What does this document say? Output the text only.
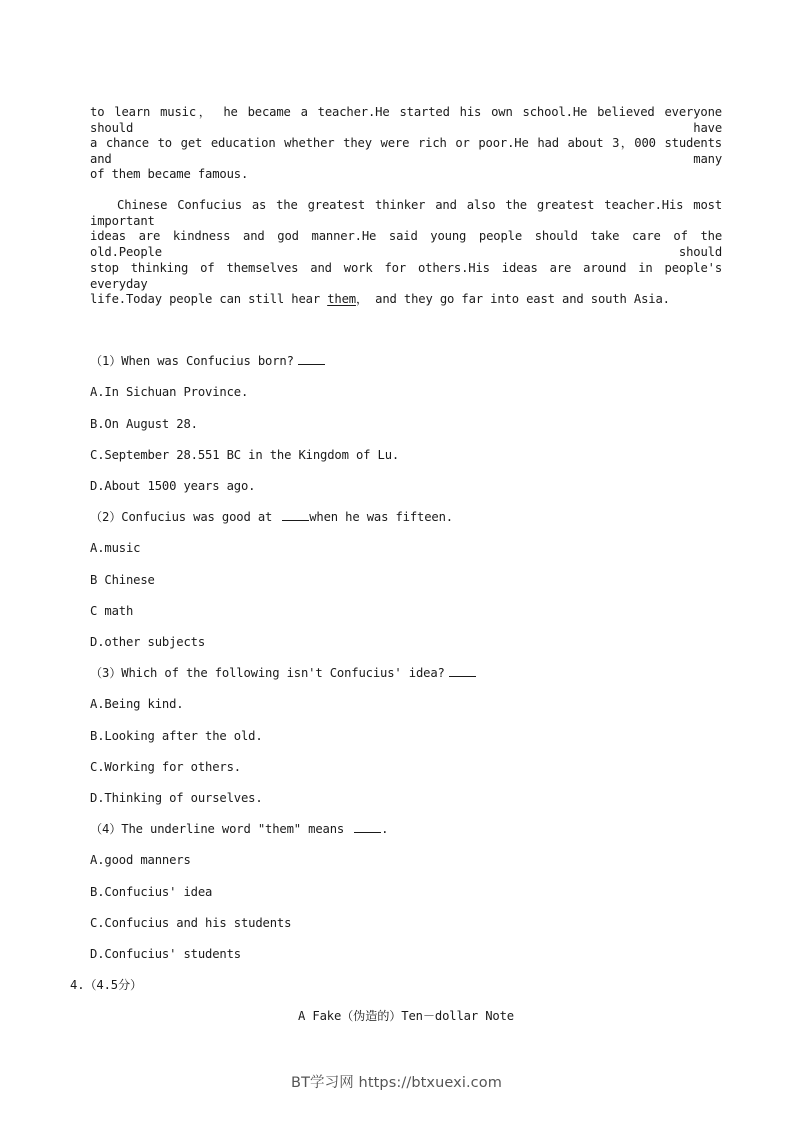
to learn music， he became a teacher.He started his own school.He believed everyone should have
a chance to get education whether they were rich or poor.He had about 3，000 students and many
of them became famous.
Chinese Confucius as the greatest thinker and also the greatest teacher.His most important
ideas are kindness and god manner.He said young people should take care of the old.People should
stop thinking of themselves and work for others.His ideas are around in people's everyday
life.Today people can still hear them， and they go far into east and south Asia.
（1）When was Confucius born?
A.In Sichuan Province.
B.On August 28.
C.September 28.551 BC in the Kingdom of Lu.
D.About 1500 years ago.
（2）Confucius was good at	when he was fifteen.
A.music
B Chinese
C math
D.other subjects
（3）Which of the following isn't Confucius' idea?
A.Being kind.
B.Looking after the old.
C.Working for others.
D.Thinking of ourselves.
（4）The underline word "them" means	.
A.good manners
B.Confucius' idea
C.Confucius and his students
D.Confucius' students
4.（4.5分）
A Fake（伪造的）Ten－dollar Note
BT学习网 https://btxuexi.com
